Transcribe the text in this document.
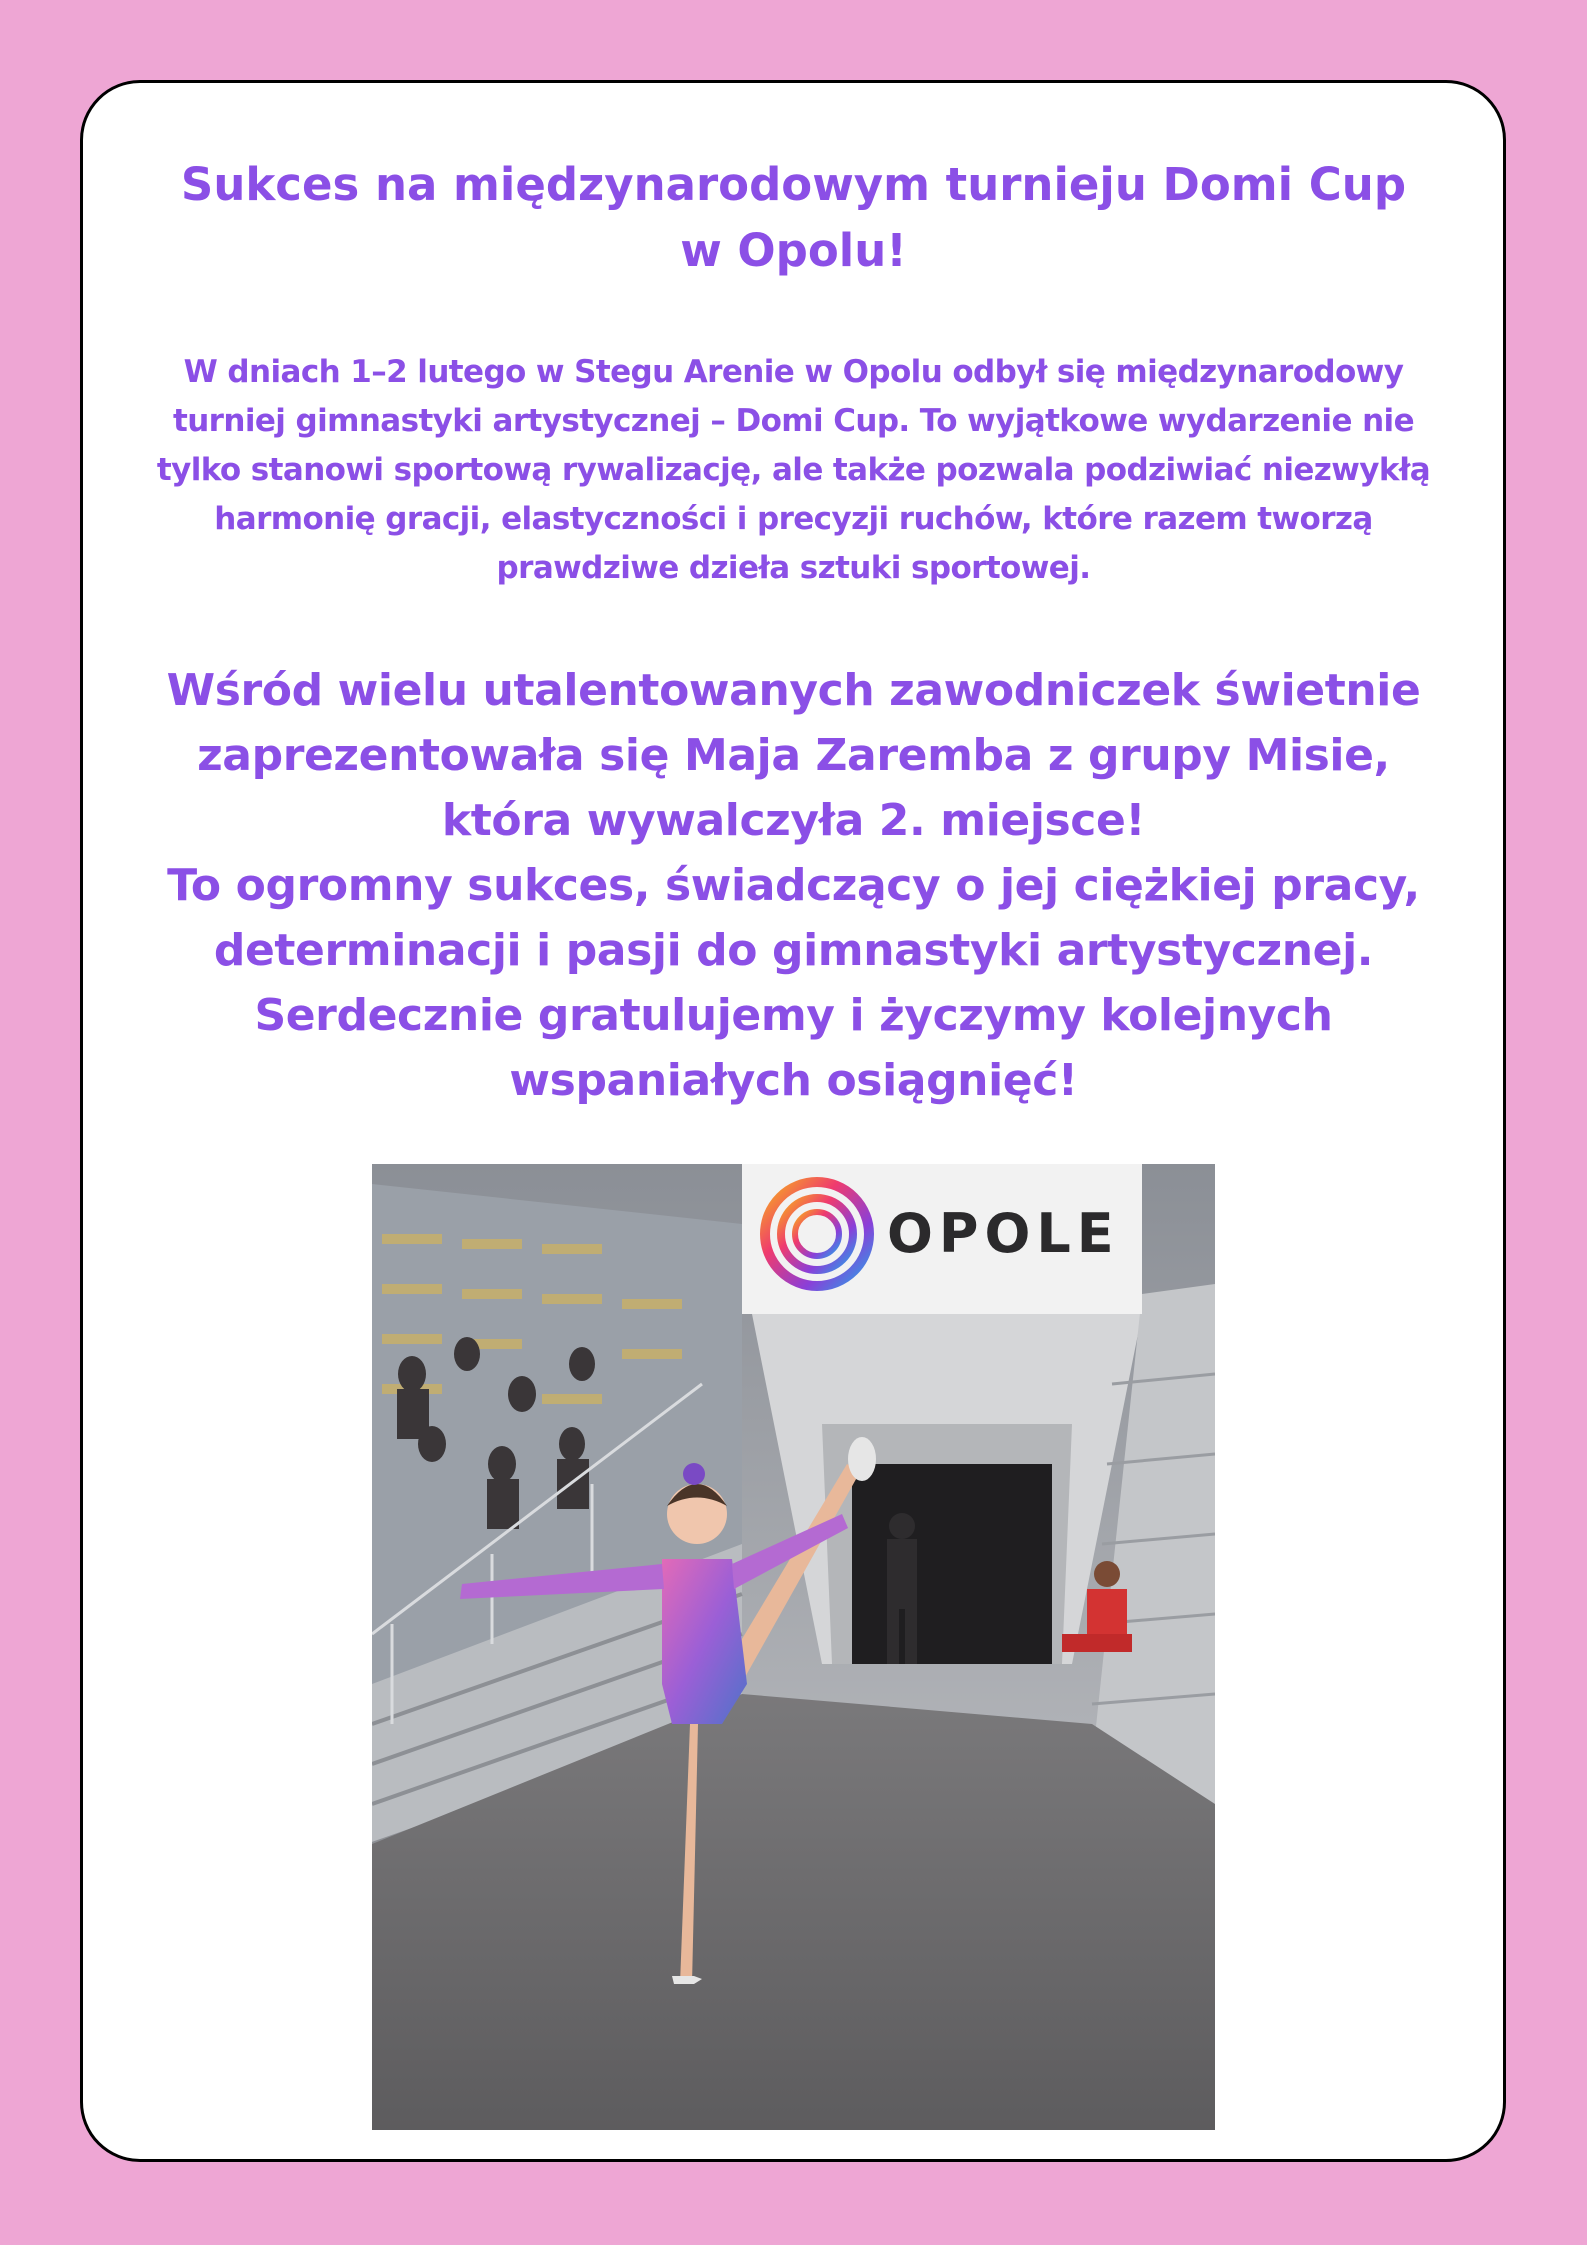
Sukces na międzynarodowym turnieju Domi Cup
w Opolu!

W dniach 1–2 lutego w Stegu Arenie w Opolu odbył się międzynarodowy turniej gimnastyki artystycznej – Domi Cup. To wyjątkowe wydarzenie nie tylko stanowi sportową rywalizację, ale także pozwala podziwiać niezwykłą harmonię gracji, elastyczności i precyzji ruchów, które razem tworzą prawdziwe dzieła sztuki sportowej.

Wśród wielu utalentowanych zawodniczek świetnie
zaprezentowała się Maja Zaremba z grupy Misie,
która wywalczyła 2. miejsce!
To ogromny sukces, świadczący o jej ciężkiej pracy,
determinacji i pasji do gimnastyki artystycznej.
Serdecznie gratulujemy i życzymy kolejnych
wspaniałych osiągnięć!
OPOLE
